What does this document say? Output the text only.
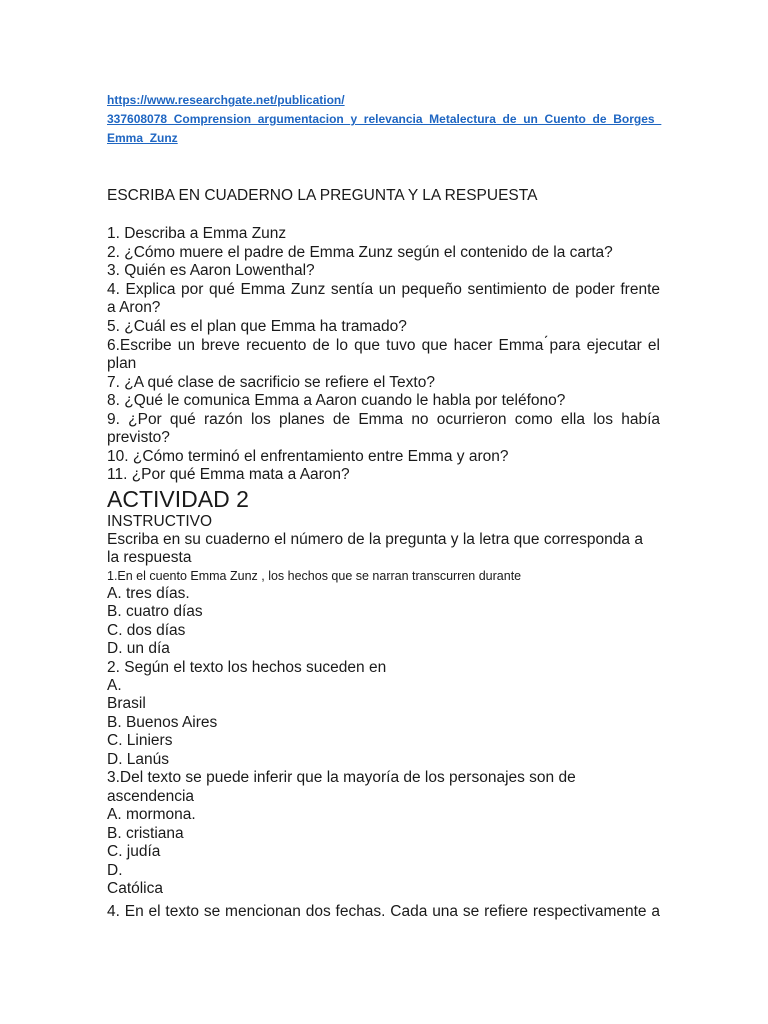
https://www.researchgate.net/publication/
337608078_Comprension_argumentacion_y_relevancia_Metalectura_de_un_Cuento_de_Borges_
Emma_Zunz
ESCRIBA EN CUADERNO LA PREGUNTA Y LA RESPUESTA
1. Describa a Emma Zunz
2. ¿Cómo muere el padre de Emma Zunz según el contenido de la carta?
3. Quién es Aaron Lowenthal?
4. Explica por qué Emma Zunz sentía un pequeño sentimiento de poder frente
a Aron?
5. ¿Cuál es el plan que Emma ha tramado?
6.Escribe un breve recuento de lo que tuvo que hacer Emma ́para ejecutar el
plan
7. ¿A qué clase de sacrificio se refiere el Texto?
8. ¿Qué le comunica Emma a Aaron cuando le habla por teléfono?
9. ¿Por qué razón los planes de Emma no ocurrieron como ella los había
previsto?
10. ¿Cómo terminó el enfrentamiento entre Emma y aron?
11. ¿Por qué Emma mata a Aaron?
ACTIVIDAD 2
INSTRUCTIVO
Escriba en su cuaderno el número de la pregunta y la letra que corresponda a
la respuesta
1.En el cuento Emma Zunz , los hechos que se narran transcurren durante
A. tres días.
B. cuatro días
C. dos días
D. un día
2. Según el texto los hechos suceden en
A.
Brasil
B. Buenos Aires
C. Liniers
D. Lanús
3.Del texto se puede inferir que la mayoría de los personajes son de
ascendencia
A. mormona.
B. cristiana
C. judía
D.
Católica
4. En el texto se mencionan dos fechas. Cada una se refiere respectivamente a
